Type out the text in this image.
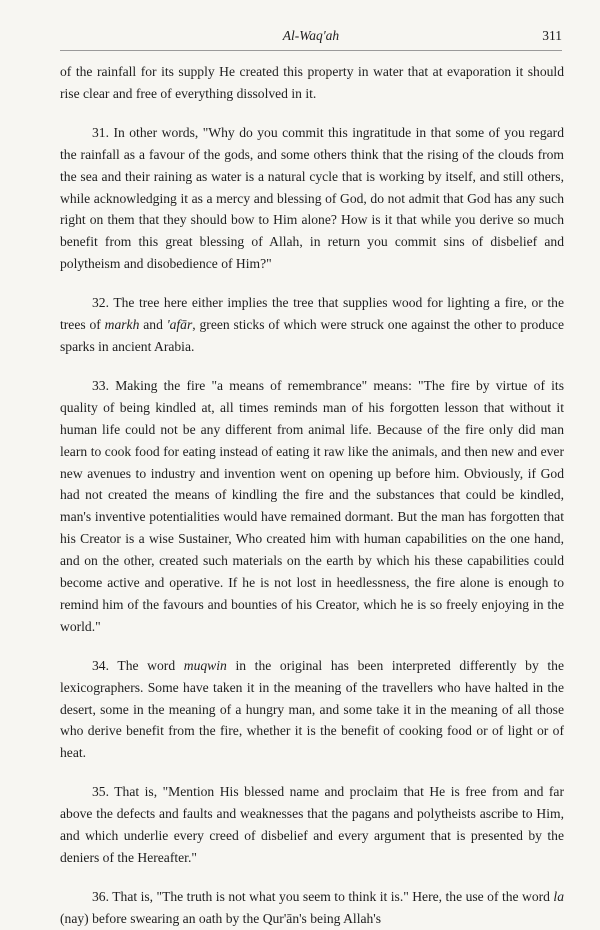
Al-Waq'ah	311

of the rainfall for its supply He created this property in water that at evaporation it should rise clear and free of everything dissolved in it.

31. In other words, "Why do you commit this ingratitude in that some of you regard the rainfall as a favour of the gods, and some others think that the rising of the clouds from the sea and their raining as water is a natural cycle that is working by itself, and still others, while acknowledging it as a mercy and blessing of God, do not admit that God has any such right on them that they should bow to Him alone? How is it that while you derive so much benefit from this great blessing of Allah, in return you commit sins of disbelief and polytheism and disobedience of Him?"

32. The tree here either implies the tree that supplies wood for lighting a fire, or the trees of markh and 'afār, green sticks of which were struck one against the other to produce sparks in ancient Arabia.

33. Making the fire "a means of remembrance" means: "The fire by virtue of its quality of being kindled at, all times reminds man of his forgotten lesson that without it human life could not be any different from animal life. Because of the fire only did man learn to cook food for eating instead of eating it raw like the animals, and then new and ever new avenues to industry and invention went on opening up before him. Obviously, if God had not created the means of kindling the fire and the substances that could be kindled, man's inventive potentialities would have remained dormant. But the man has forgotten that his Creator is a wise Sustainer, Who created him with human capabilities on the one hand, and on the other, created such materials on the earth by which his these capabilities could become active and operative. If he is not lost in heedlessness, the fire alone is enough to remind him of the favours and bounties of his Creator, which he is so freely enjoying in the world."

34. The word muqwin in the original has been interpreted differently by the lexicographers. Some have taken it in the meaning of the travellers who have halted in the desert, some in the meaning of a hungry man, and some take it in the meaning of all those who derive benefit from the fire, whether it is the benefit of cooking food or of light or of heat.

35. That is, "Mention His blessed name and proclaim that He is free from and far above the defects and faults and weaknesses that the pagans and polytheists ascribe to Him, and which underlie every creed of disbelief and every argument that is presented by the deniers of the Hereafter."

36. That is, "The truth is not what you seem to think it is." Here, the use of the word la (nay) before swearing an oath by the Qur'ān's being Allah's
